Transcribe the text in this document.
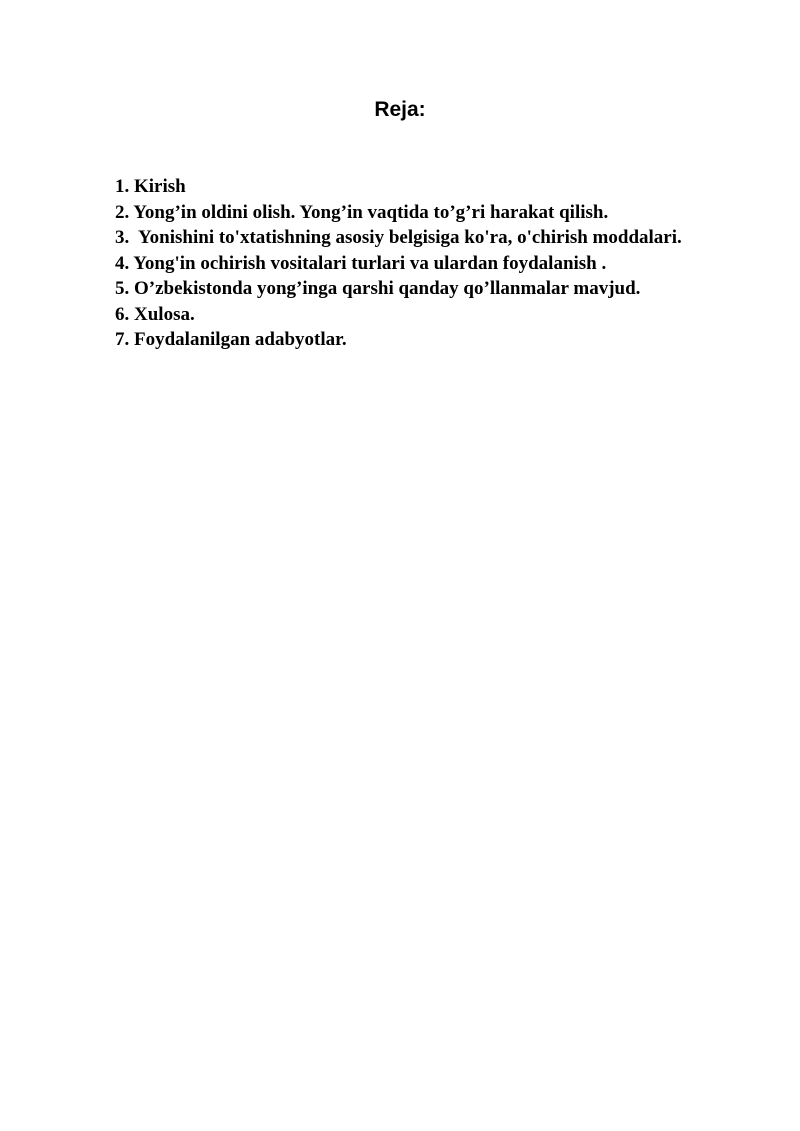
Reja:
1. Kirish
2. Yong’in oldini olish. Yong’in vaqtida to’g’ri harakat qilish.
3.  Yonishini to'xtatishning asosiy belgisiga ko'ra, o'chirish moddalari.
4. Yong'in ochirish vositalari turlari va ulardan foydalanish .
5. O’zbekistonda yong’inga qarshi qanday qo’llanmalar mavjud.
6. Xulosa.
7. Foydalanilgan adabyotlar.
